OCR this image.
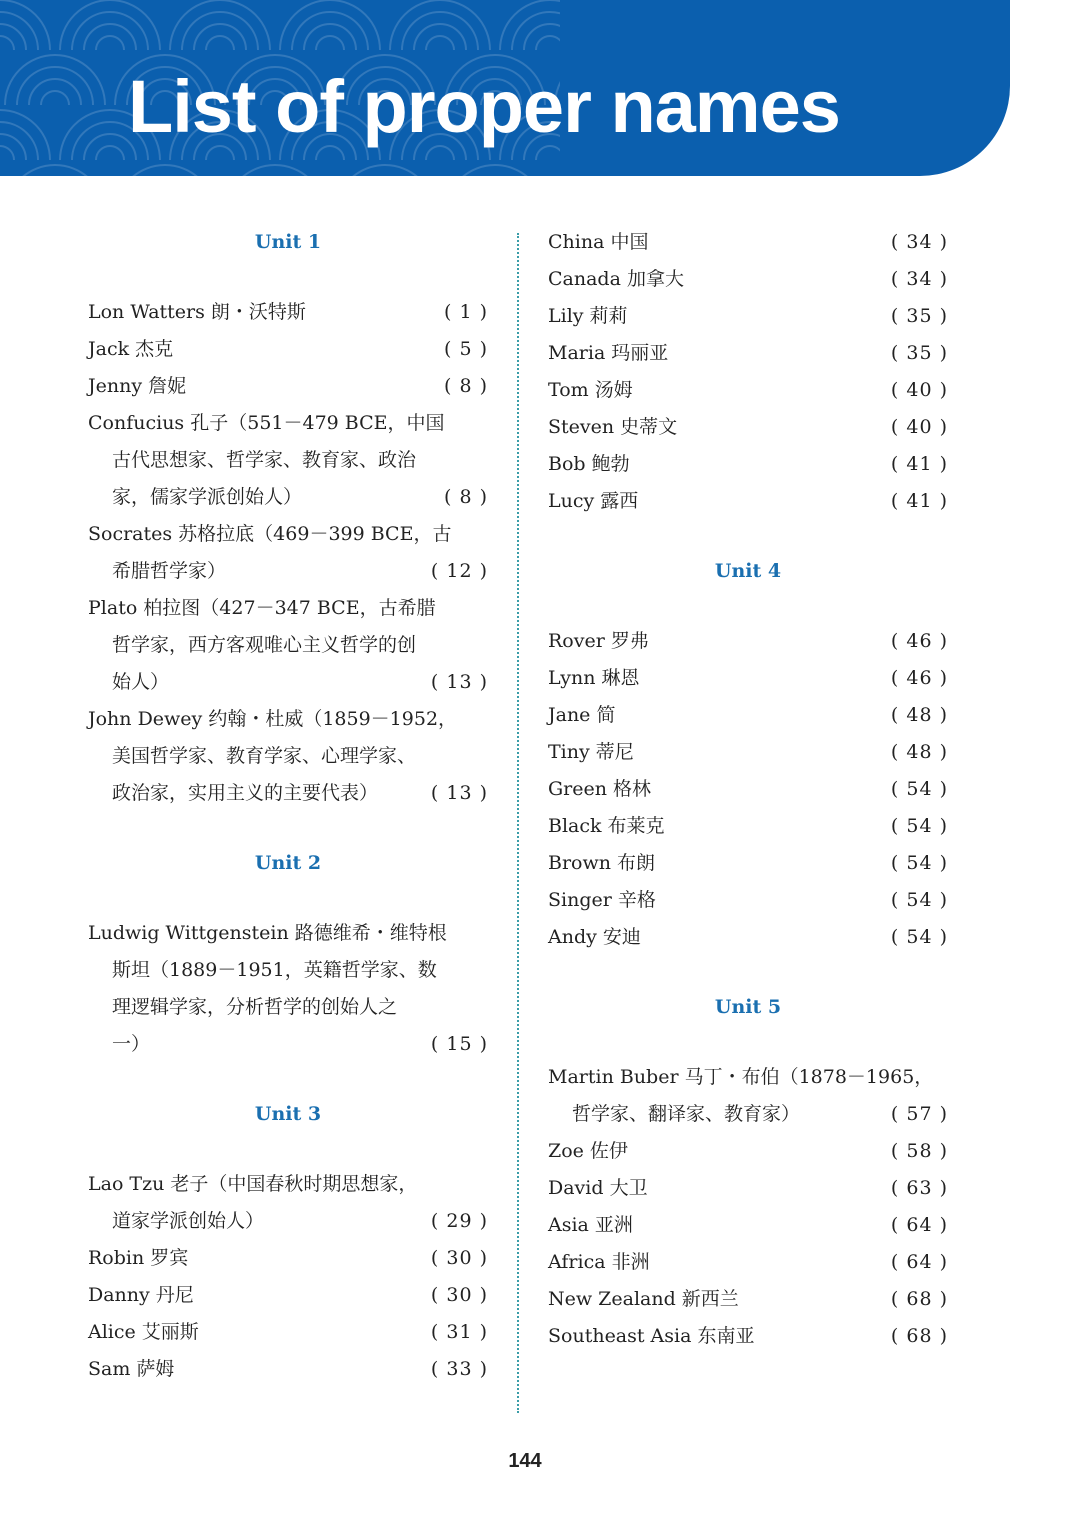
List of proper names
Unit 1
Lon Watters 朗・沃特斯	( 1 )
Jack 杰克	( 5 )
Jenny 詹妮	( 8 )
Confucius 孔子（551－479 BCE，中国
古代思想家、哲学家、教育家、政治
家，儒家学派创始人）	( 8 )
Socrates 苏格拉底（469－399 BCE，古
希腊哲学家）	( 12 )
Plato 柏拉图（427－347 BCE，古希腊
哲学家，西方客观唯心主义哲学的创
始人）	( 13 )
John Dewey 约翰・杜威（1859－1952，
美国哲学家、教育学家、心理学家、
政治家，实用主义的主要代表）	( 13 )
Unit 2
Ludwig Wittgenstein 路德维希・维特根
斯坦（1889－1951，英籍哲学家、数
理逻辑学家，分析哲学的创始人之
一）	( 15 )
Unit 3
Lao Tzu 老子（中国春秋时期思想家，
道家学派创始人）	( 29 )
Robin 罗宾	( 30 )
Danny 丹尼	( 30 )
Alice 艾丽斯	( 31 )
Sam 萨姆	( 33 )
China 中国	( 34 )
Canada 加拿大	( 34 )
Lily 莉莉	( 35 )
Maria 玛丽亚	( 35 )
Tom 汤姆	( 40 )
Steven 史蒂文	( 40 )
Bob 鲍勃	( 41 )
Lucy 露西	( 41 )
Unit 4
Rover 罗弗	( 46 )
Lynn 琳恩	( 46 )
Jane 简	( 48 )
Tiny 蒂尼	( 48 )
Green 格林	( 54 )
Black 布莱克	( 54 )
Brown 布朗	( 54 )
Singer 辛格	( 54 )
Andy 安迪	( 54 )
Unit 5
Martin Buber 马丁・布伯（1878－1965，
哲学家、翻译家、教育家）	( 57 )
Zoe 佐伊	( 58 )
David 大卫	( 63 )
Asia 亚洲	( 64 )
Africa 非洲	( 64 )
New Zealand 新西兰	( 68 )
Southeast Asia 东南亚	( 68 )
144
